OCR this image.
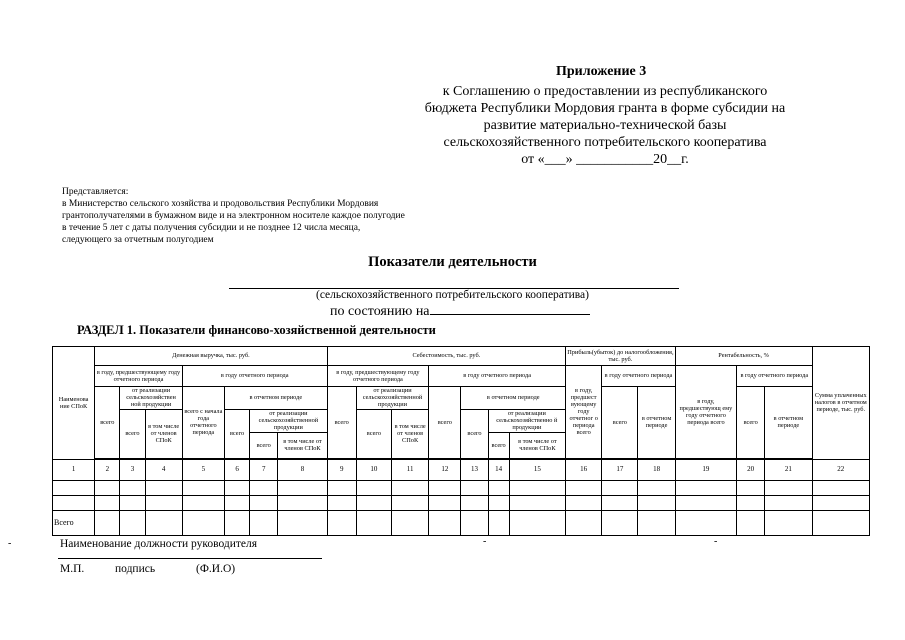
Приложение 3
к Соглашению о предоставлении из республиканского
бюджета Республики Мордовия гранта в форме субсидии на
развитие материально-технической базы
сельскохозяйственного потребительского кооператива
от «___» ___________20__г.
Представляется:
в Министерство сельского хозяйства и продовольствия Республики Мордовия
грантополучателями в бумажном виде и на электронном носителе каждое полугодие
в течение 5 лет с даты получения субсидии и не позднее 12 числа месяца,
следующего за отчетным полугодием
Показатели деятельности
(сельскохозяйственного потребительского кооператива)
по состоянию на
РАЗДЕЛ 1. Показатели финансово-хозяйственной деятельности
Наименова ние СПоК	Денежная выручка, тыс. руб.							Себестоимость, тыс. руб.							Прибыль(убыток) до налогообложения, тыс. руб.			Рентабельность, %			Сумма уплаченных налогов в отчетном периоде, тыс. руб.
	в году, предшествующему году отчетного периода			в году отчетного периода				в году, предшествующему году отчетного периода			в году отчетного периода				в году, предшест вующему году отчетног о периода всего	в году отчетного периода		в году, предшествующ ему году отчетного периода всего	в году отчетного периода		
	всего	от реализации сельскохозяйствен ной продукции		всего с начала года отчетного периода	в отчетном периоде			всего	от реализации сельскохозяйственной продукции		всего	в отчетном периоде				всего	в отчетном периоде		всего	в отчетном периоде	
		всего	в том числе от членов СПоК		всего	от реализации сельскохозяйственной продукции			всего	в том числе от членов СПоК		всего	от реализации сельскохозяйственно й продукции								
						всего	в том числе от членов СПоК						всего	в том числе от членов СПоК							

1	2	3	4	5	6	7	8	9	10	11	12	13	14	15	16	17	18	19	20	21	22

Всего																					
-	Наименование должности руководителя	-	-
М.П.	подпись	(Ф.И.О)
